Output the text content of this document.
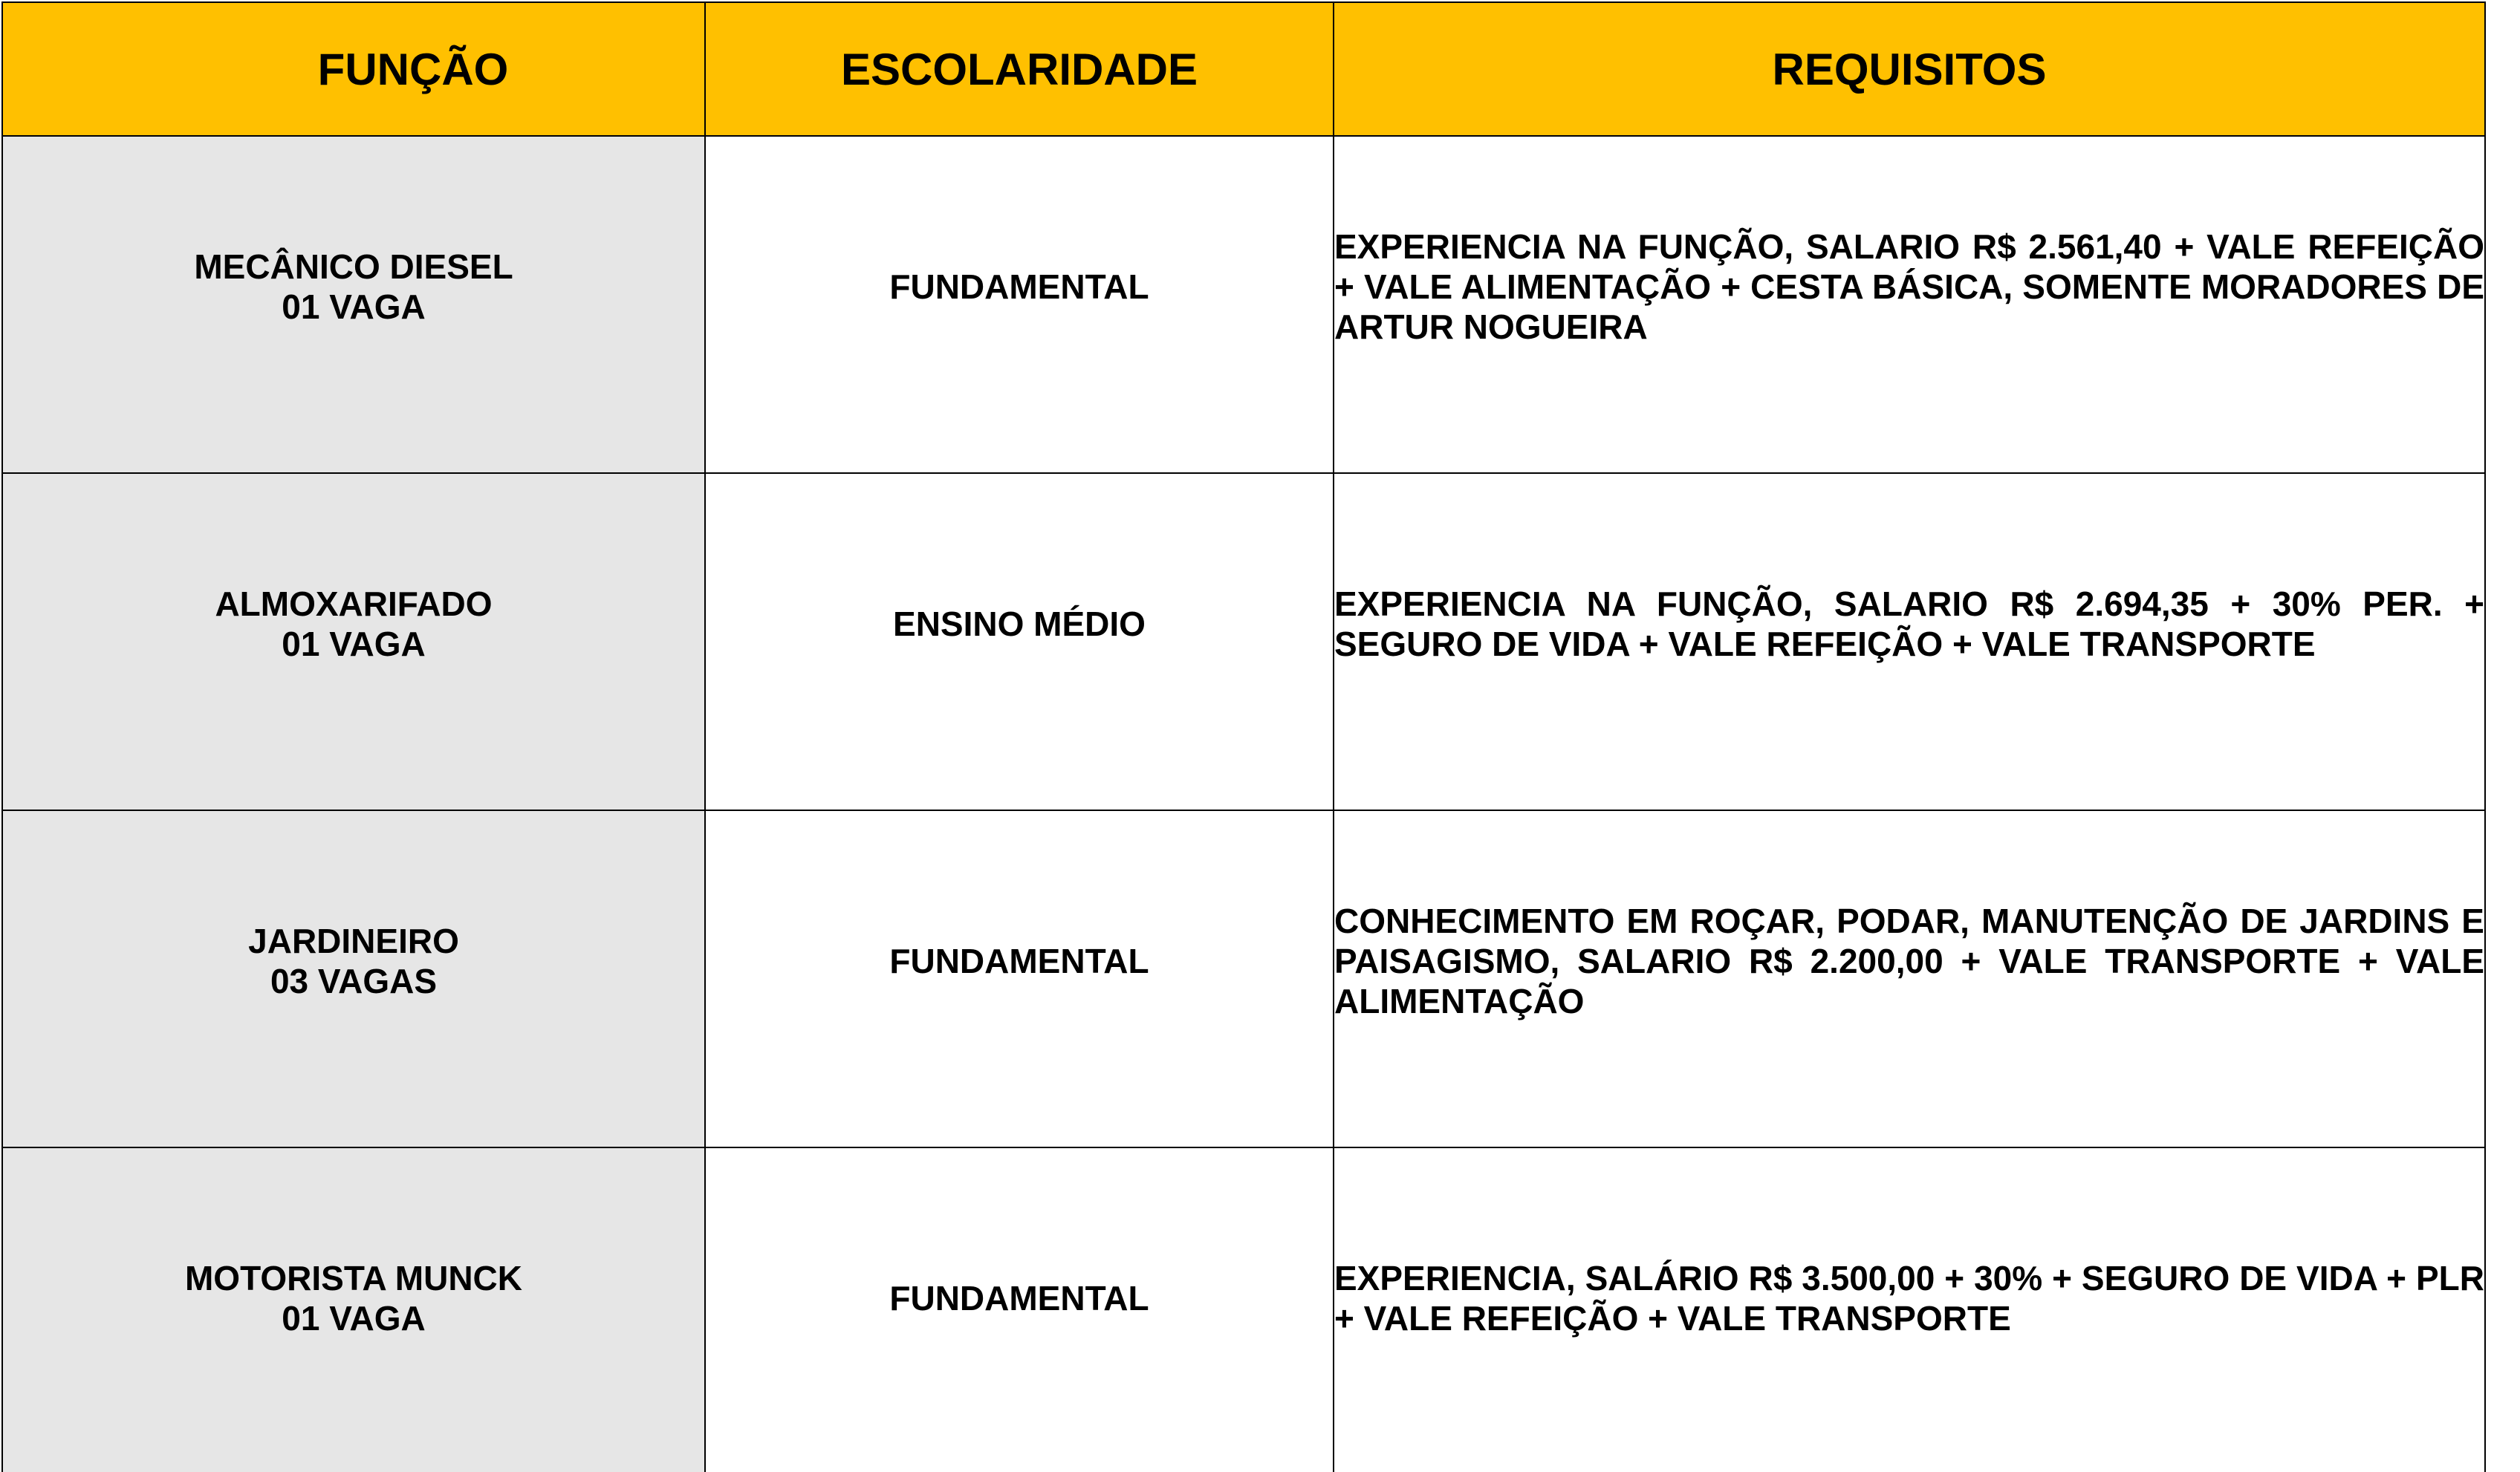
FUNÇÃO	ESCOLARIDADE	REQUISITOS

MECÂNICO DIESEL
01 VAGA	FUNDAMENTAL	EXPERIENCIA NA FUNÇÃO, SALARIO R$ 2.561,40 + VALE REFEIÇÃO + VALE ALIMENTAÇÃO + CESTA BÁSICA, SOMENTE MORADORES DE ARTUR NOGUEIRA

ALMOXARIFADO
01 VAGA	ENSINO MÉDIO	EXPERIENCIA NA FUNÇÃO, SALARIO R$ 2.694,35 + 30% PER. + SEGURO DE VIDA + VALE REFEIÇÃO + VALE TRANSPORTE

JARDINEIRO
03 VAGAS	FUNDAMENTAL	CONHECIMENTO EM ROÇAR, PODAR, MANUTENÇÃO DE JARDINS E PAISAGISMO, SALARIO R$ 2.200,00 + VALE TRANSPORTE + VALE ALIMENTAÇÃO

MOTORISTA MUNCK
01 VAGA	FUNDAMENTAL	EXPERIENCIA, SALÁRIO R$ 3.500,00 + 30% + SEGURO DE VIDA + PLR + VALE REFEIÇÃO + VALE TRANSPORTE
